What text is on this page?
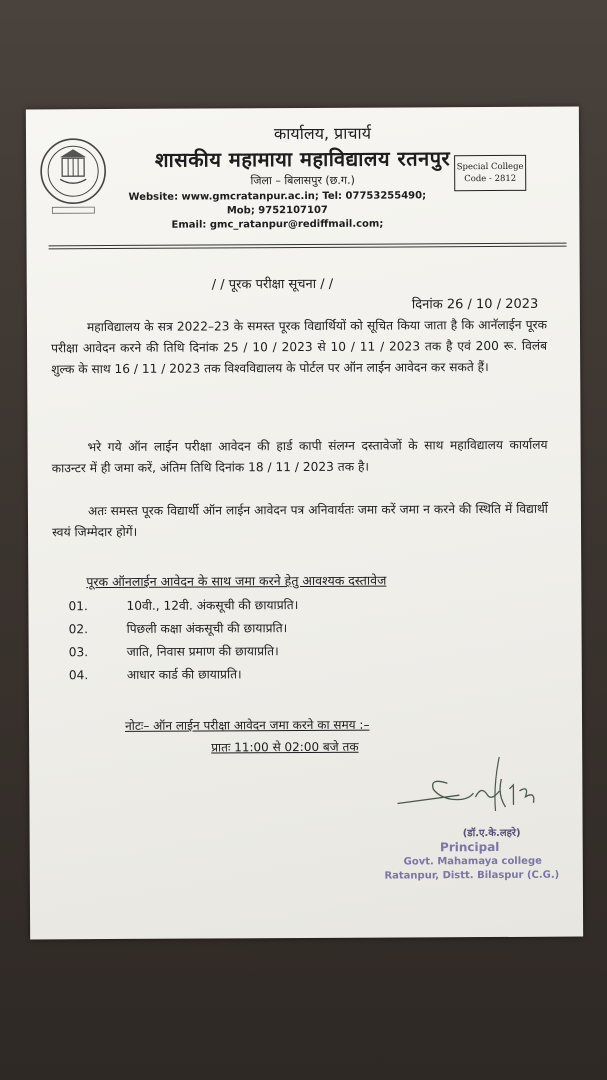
कार्यालय, प्राचार्य
शासकीय महामाया महाविद्यालय रतनपुर
जिला – बिलासपुर (छ.ग.)
Website: www.gmcratanpur.ac.in; Tel: 07753255490;
Mob; 9752107107
Email: gmc_ratanpur@rediffmail.com;
Special College
Code - 2812
/ / पूरक परीक्षा सूचना / /
दिनांक 26 / 10 / 2023

महाविद्यालय के सत्र 2022–23 के समस्त पूरक विद्यार्थियों को सूचित किया जाता है कि आनॅलाईन पूरक परीक्षा आवेदन करने की तिथि दिनांक 25 / 10 / 2023 से 10 / 11 / 2023 तक है एवं 200 रू. विलंब शुल्क के साथ 16 / 11 / 2023 तक विश्वविद्यालय के पोर्टल पर ऑन लाईन आवेदन कर सकते हैं।

भरे गये ऑन लाईन परीक्षा आवेदन की हार्ड कापी संलग्न दस्तावेजों के साथ महाविद्यालय कार्यालय काउन्टर में ही जमा करें, अंतिम तिथि दिनांक 18 / 11 / 2023 तक है।

अतः समस्त पूरक विद्यार्थी ऑन लाईन आवेदन पत्र अनिवार्यतः जमा करें जमा न करने की स्थिति में विद्यार्थी स्वयं जिम्मेदार होगें।

पूरक ऑनलाईन आवेदन के साथ जमा करने हेतु आवश्यक दस्तावेज
01.	10वी., 12वी. अंकसूची की छायाप्रति।
02.	पिछली कक्षा अंकसूची की छायाप्रति।
03.	जाति, निवास प्रमाण की छायाप्रति।
04.	आधार कार्ड की छायाप्रति।
नोटः– ऑन लाईन परीक्षा आवेदन जमा करने का समय :–
प्रातः 11:00 से 02:00 बजे तक
(डॉ.ए.के.लहरे)
Principal
Govt. Mahamaya college
Ratanpur, Distt. Bilaspur (C.G.)
